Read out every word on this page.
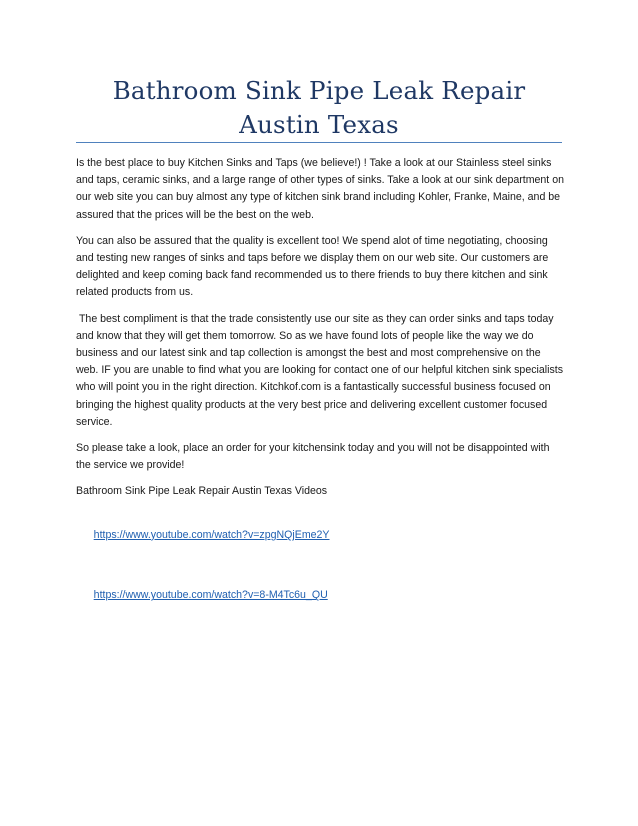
Bathroom Sink Pipe Leak Repair Austin Texas

Is the best place to buy Kitchen Sinks and Taps (we believe!) ! Take a look at our Stainless steel sinks and taps, ceramic sinks, and a large range of other types of sinks. Take a look at our sink department on our web site you can buy almost any type of kitchen sink brand including Kohler, Franke, Maine, and be assured that the prices will be the best on the web.

You can also be assured that the quality is excellent too! We spend alot of time negotiating, choosing and testing new ranges of sinks and taps before we display them on our web site. Our customers are delighted and keep coming back fand recommended us to there friends to buy there kitchen and sink related products from us.

The best compliment is that the trade consistently use our site as they can order sinks and taps today and know that they will get them tomorrow. So as we have found lots of people like the way we do business and our latest sink and tap collection is amongst the best and most comprehensive on the web. IF you are unable to find what you are looking for contact one of our helpful kitchen sink specialists who will point you in the right direction. Kitchkof.com is a fantastically successful business focused on bringing the highest quality products at the very best price and delivering excellent customer focused service.

So please take a look, place an order for your kitchensink today and you will not be disappointed with the service we provide!

Bathroom Sink Pipe Leak Repair Austin Texas Videos

https://www.youtube.com/watch?v=zpgNQjEme2Y

https://www.youtube.com/watch?v=8-M4Tc6u_QU
